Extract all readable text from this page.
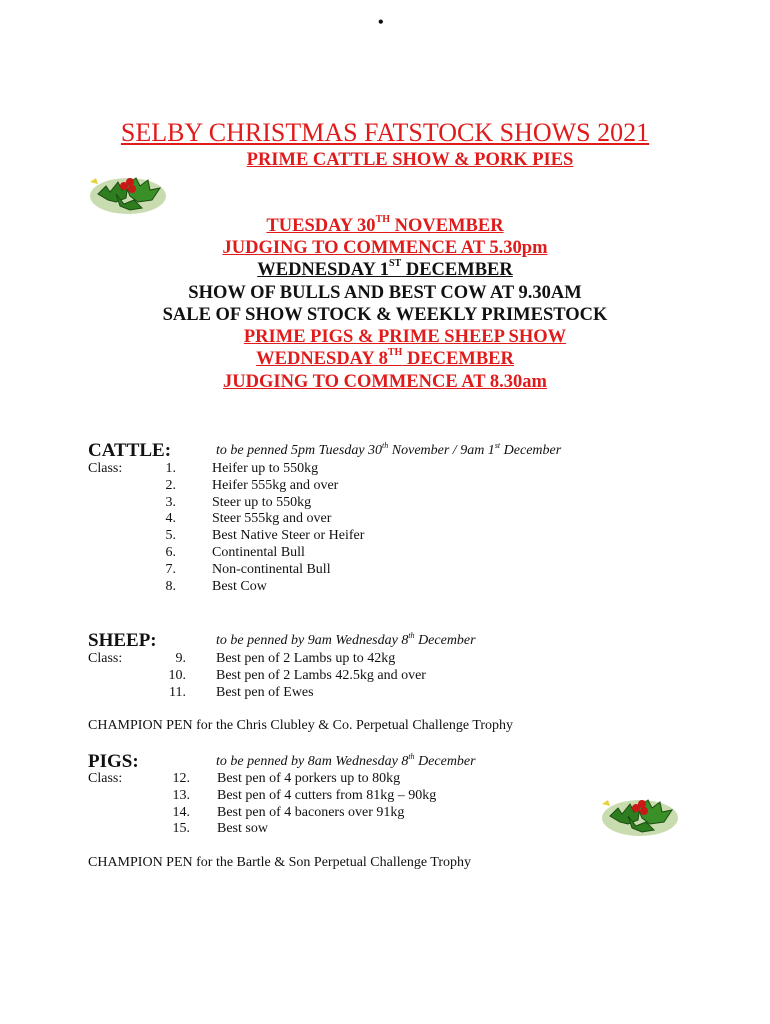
•
SELBY CHRISTMAS FATSTOCK SHOWS 2021
PRIME CATTLE SHOW & PORK PIES
TUESDAY 30TH NOVEMBER
JUDGING TO COMMENCE AT 5.30pm
WEDNESDAY 1ST DECEMBER
SHOW OF BULLS AND BEST COW AT 9.30AM
SALE OF SHOW STOCK & WEEKLY PRIMESTOCK
PRIME PIGS & PRIME SHEEP SHOW
WEDNESDAY 8TH DECEMBER
JUDGING TO COMMENCE AT 8.30am
CATTLE:	to be penned 5pm Tuesday 30th November / 9am 1st December
Class:	1.	Heifer up to 550kg
2.	Heifer 555kg and over
3.	Steer up to 550kg
4.	Steer 555kg and over
5.	Best Native Steer or Heifer
6.	Continental Bull
7.	Non-continental Bull
8.	Best Cow
SHEEP:	to be penned by 9am Wednesday 8th December
Class:	9. Best pen of 2 Lambs up to 42kg
10. Best pen of 2 Lambs 42.5kg and over
11. Best pen of Ewes
CHAMPION PEN for the Chris Clubley & Co. Perpetual Challenge Trophy
PIGS:	to be penned by 8am Wednesday 8th December
Class:	12. Best pen of 4 porkers up to 80kg
13. Best pen of 4 cutters from 81kg – 90kg
14. Best pen of 4 baconers over 91kg
15. Best sow
CHAMPION PEN for the Bartle & Son Perpetual Challenge Trophy
